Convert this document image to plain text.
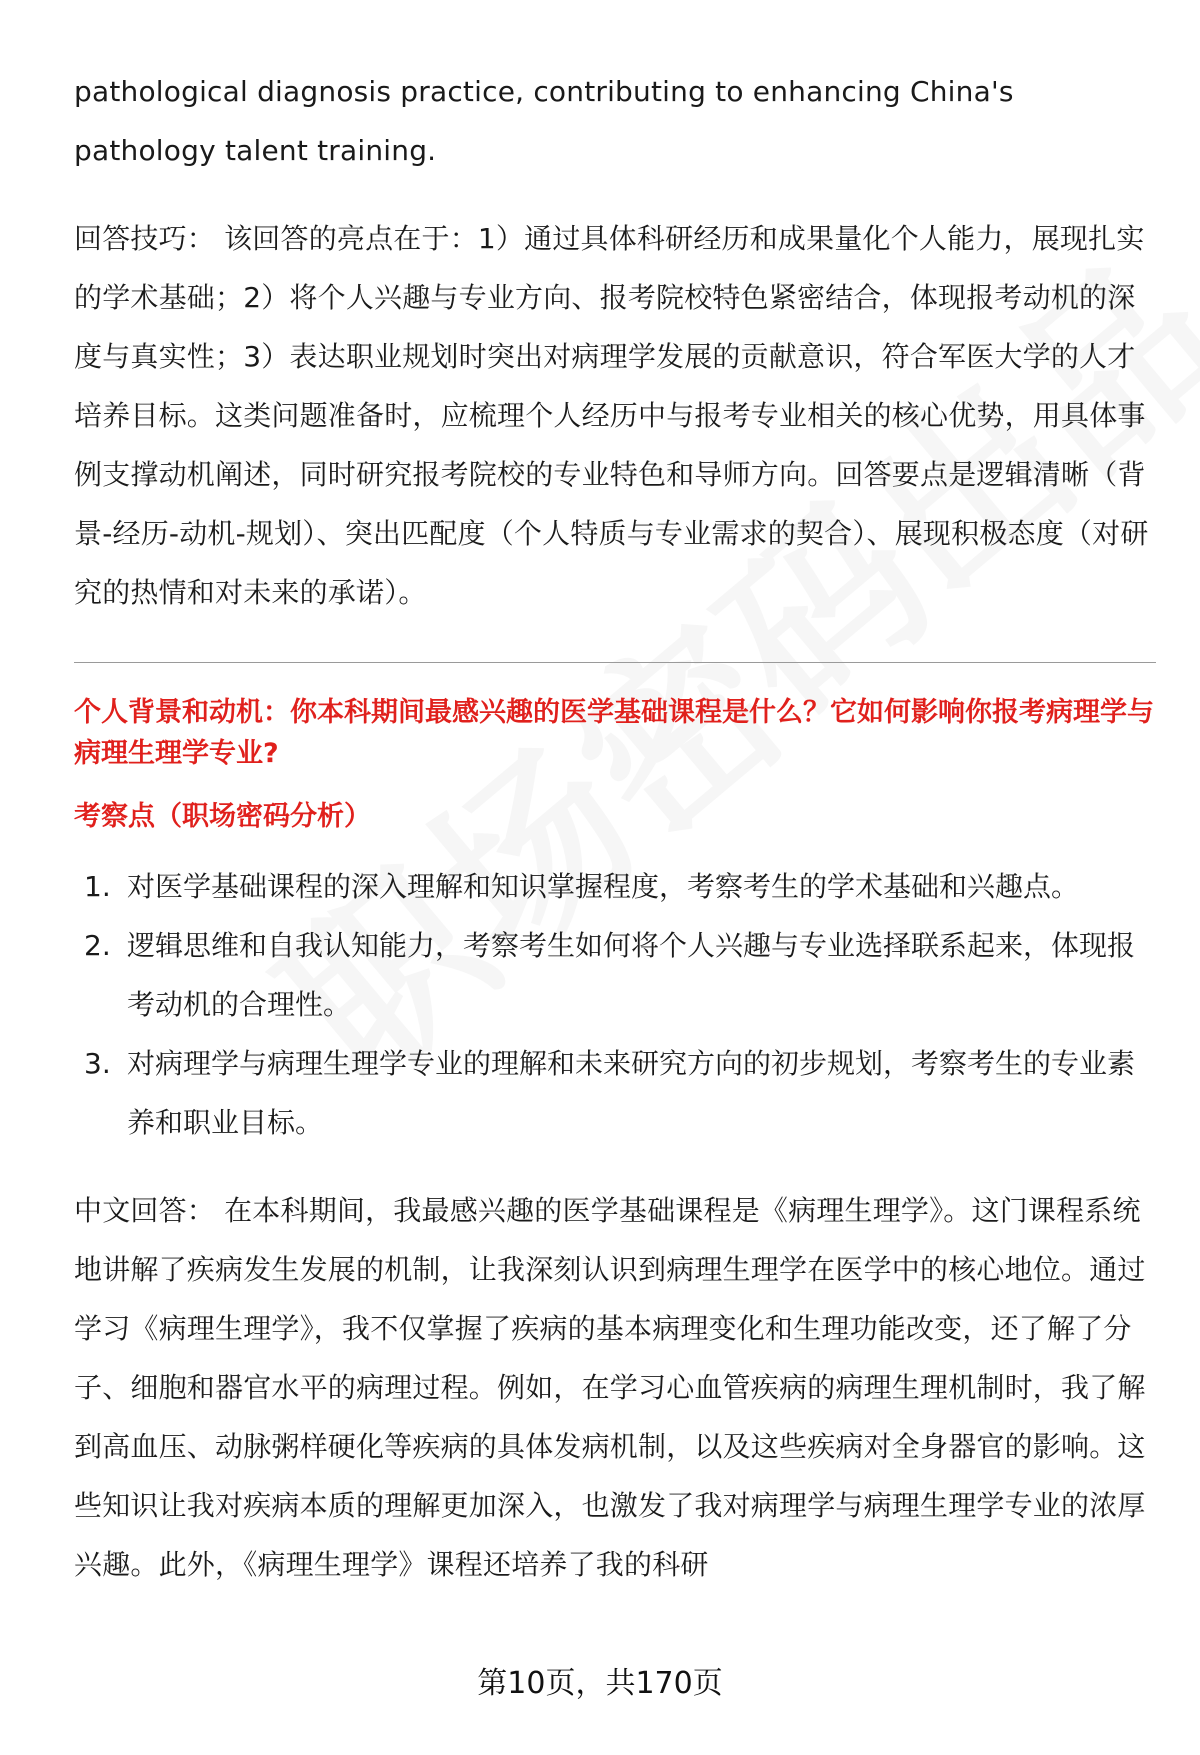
pathological diagnosis practice, contributing to enhancing China's pathology talent training.

回答技巧： 该回答的亮点在于：1）通过具体科研经历和成果量化个人能力，展现扎实的学术基础；2）将个人兴趣与专业方向、报考院校特色紧密结合，体现报考动机的深度与真实性；3）表达职业规划时突出对病理学发展的贡献意识，符合军医大学的人才培养目标。这类问题准备时，应梳理个人经历中与报考专业相关的核心优势，用具体事例支撑动机阐述，同时研究报考院校的专业特色和导师方向。回答要点是逻辑清晰（背景-经历-动机-规划）、突出匹配度（个人特质与专业需求的契合）、展现积极态度（对研究的热情和对未来的承诺）。

个人背景和动机：你本科期间最感兴趣的医学基础课程是什么？它如何影响你报考病理学与病理生理学专业?

考察点（职场密码分析）

1. 对医学基础课程的深入理解和知识掌握程度，考察考生的学术基础和兴趣点。
2. 逻辑思维和自我认知能力，考察考生如何将个人兴趣与专业选择联系起来，体现报考动机的合理性。
3. 对病理学与病理生理学专业的理解和未来研究方向的初步规划，考察考生的专业素养和职业目标。

中文回答： 在本科期间，我最感兴趣的医学基础课程是《病理生理学》。这门课程系统地讲解了疾病发生发展的机制，让我深刻认识到病理生理学在医学中的核心地位。通过学习《病理生理学》，我不仅掌握了疾病的基本病理变化和生理功能改变，还了解了分子、细胞和器官水平的病理过程。例如，在学习心血管疾病的病理生理机制时，我了解到高血压、动脉粥样硬化等疾病的具体发病机制，以及这些疾病对全身器官的影响。这些知识让我对疾病本质的理解更加深入，也激发了我对病理学与病理生理学专业的浓厚兴趣。此外，《病理生理学》课程还培养了我的科研

第10页，共170页
